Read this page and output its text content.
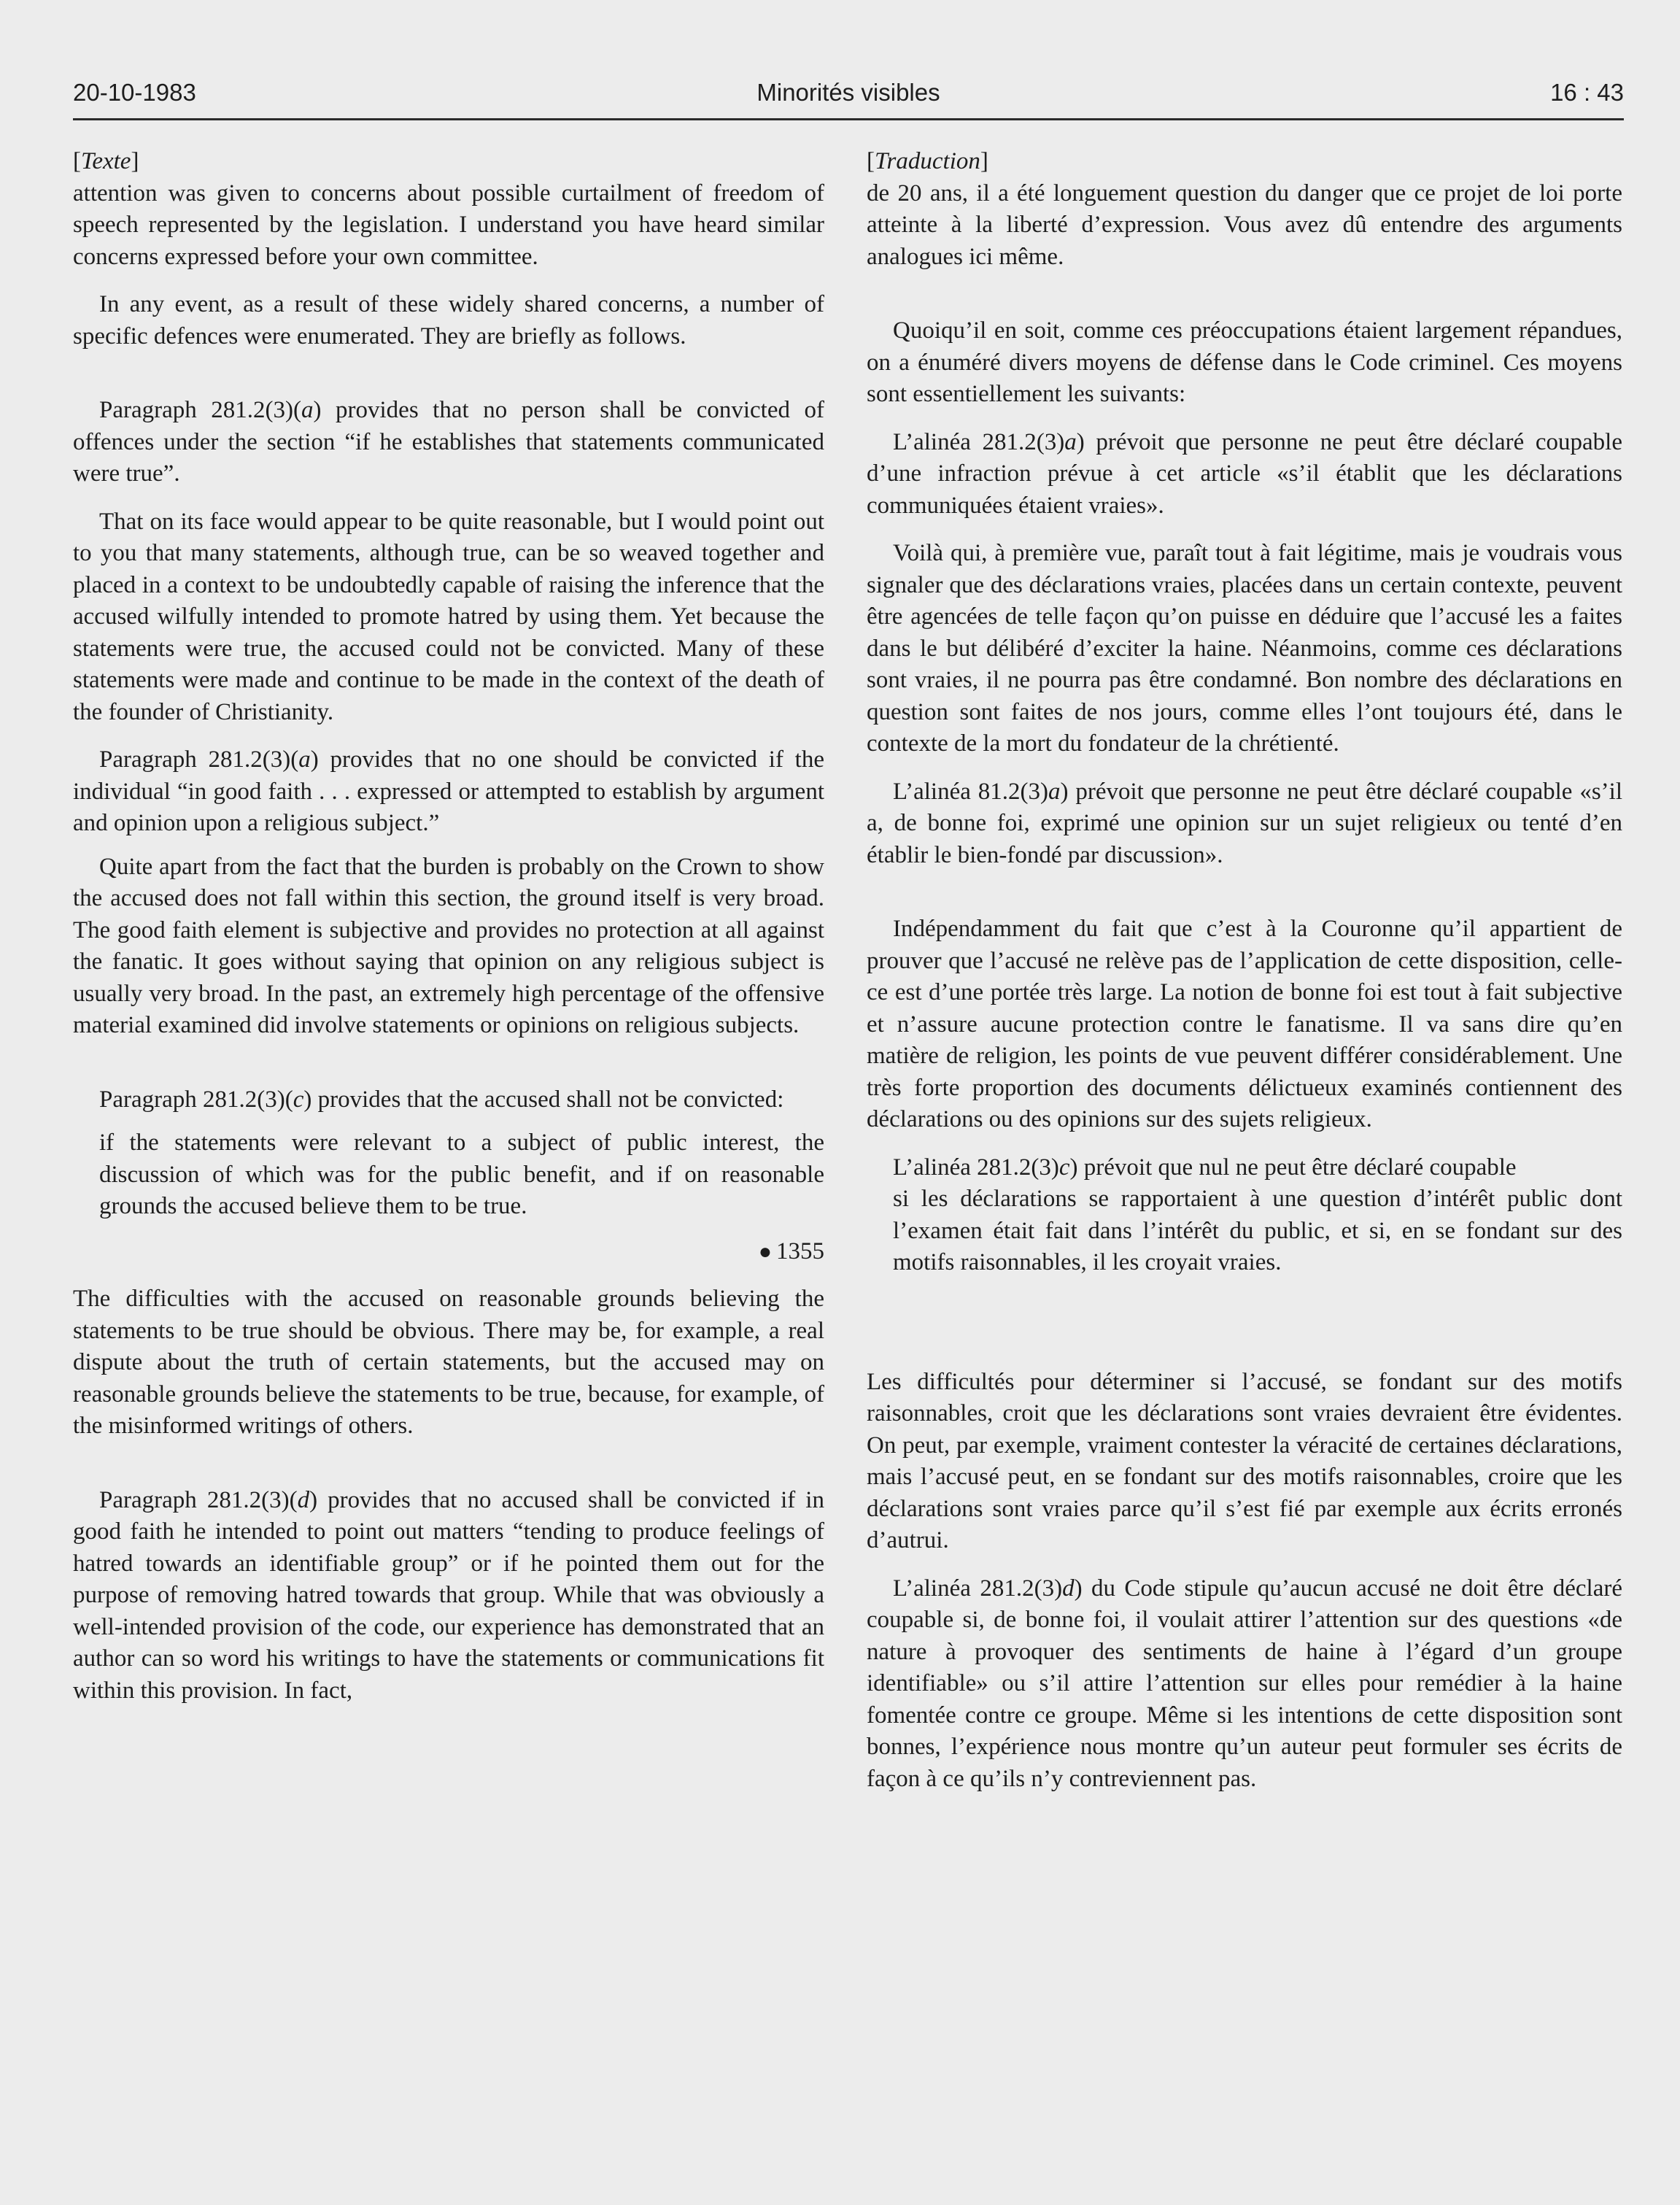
20-10-1983	Minorités visibles	16 : 43

[Texte]

attention was given to concerns about possible curtailment of freedom of speech represented by the legislation. I understand you have heard similar concerns expressed before your own committee.

In any event, as a result of these widely shared concerns, a number of specific defences were enumerated. They are briefly as follows.

Paragraph 281.2(3)(a) provides that no person shall be convicted of offences under the section “if he establishes that statements communicated were true”.

That on its face would appear to be quite reasonable, but I would point out to you that many statements, although true, can be so weaved together and placed in a context to be undoubtedly capable of raising the inference that the accused wilfully intended to promote hatred by using them. Yet because the statements were true, the accused could not be convicted. Many of these statements were made and continue to be made in the context of the death of the founder of Christianity.

Paragraph 281.2(3)(a) provides that no one should be convicted if the individual “in good faith . . . expressed or attempted to establish by argument and opinion upon a religious subject.”

Quite apart from the fact that the burden is probably on the Crown to show the accused does not fall within this section, the ground itself is very broad. The good faith element is subjective and provides no protection at all against the fanatic. It goes without saying that opinion on any religious subject is usually very broad. In the past, an extremely high percentage of the offensive material examined did involve statements or opinions on religious subjects.

Paragraph 281.2(3)(c) provides that the accused shall not be convicted:

if the statements were relevant to a subject of public interest, the discussion of which was for the public benefit, and if on reasonable grounds the accused believe them to be true.

● 1355

The difficulties with the accused on reasonable grounds believing the statements to be true should be obvious. There may be, for example, a real dispute about the truth of certain statements, but the accused may on reasonable grounds believe the statements to be true, because, for example, of the misinformed writings of others.

Paragraph 281.2(3)(d) provides that no accused shall be convicted if in good faith he intended to point out matters “tending to produce feelings of hatred towards an identifiable group” or if he pointed them out for the purpose of removing hatred towards that group. While that was obviously a well-intended provision of the code, our experience has demonstrated that an author can so word his writings to have the statements or communications fit within this provision. In fact,

[Traduction]

de 20 ans, il a été longuement question du danger que ce projet de loi porte atteinte à la liberté d’expression. Vous avez dû entendre des arguments analogues ici même.

Quoiqu’il en soit, comme ces préoccupations étaient largement répandues, on a énuméré divers moyens de défense dans le Code criminel. Ces moyens sont essentiellement les suivants:

L’alinéa 281.2(3)a) prévoit que personne ne peut être déclaré coupable d’une infraction prévue à cet article «s’il établit que les déclarations communiquées étaient vraies».

Voilà qui, à première vue, paraît tout à fait légitime, mais je voudrais vous signaler que des déclarations vraies, placées dans un certain contexte, peuvent être agencées de telle façon qu’on puisse en déduire que l’accusé les a faites dans le but délibéré d’exciter la haine. Néanmoins, comme ces déclarations sont vraies, il ne pourra pas être condamné. Bon nombre des déclarations en question sont faites de nos jours, comme elles l’ont toujours été, dans le contexte de la mort du fondateur de la chrétienté.

L’alinéa 81.2(3)a) prévoit que personne ne peut être déclaré coupable «s’il a, de bonne foi, exprimé une opinion sur un sujet religieux ou tenté d’en établir le bien-fondé par discussion».

Indépendamment du fait que c’est à la Couronne qu’il appartient de prouver que l’accusé ne relève pas de l’application de cette disposition, celle-ce est d’une portée très large. La notion de bonne foi est tout à fait subjective et n’assure aucune protection contre le fanatisme. Il va sans dire qu’en matière de religion, les points de vue peuvent différer considérablement. Une très forte proportion des documents délictueux examinés contiennent des déclarations ou des opinions sur des sujets religieux.

L’alinéa 281.2(3)c) prévoit que nul ne peut être déclaré coupable

si les déclarations se rapportaient à une question d’intérêt public dont l’examen était fait dans l’intérêt du public, et si, en se fondant sur des motifs raisonnables, il les croyait vraies.

Les difficultés pour déterminer si l’accusé, se fondant sur des motifs raisonnables, croit que les déclarations sont vraies devraient être évidentes. On peut, par exemple, vraiment contester la véracité de certaines déclarations, mais l’accusé peut, en se fondant sur des motifs raisonnables, croire que les déclarations sont vraies parce qu’il s’est fié par exemple aux écrits erronés d’autrui.

L’alinéa 281.2(3)d) du Code stipule qu’aucun accusé ne doit être déclaré coupable si, de bonne foi, il voulait attirer l’attention sur des questions «de nature à provoquer des sentiments de haine à l’égard d’un groupe identifiable» ou s’il attire l’attention sur elles pour remédier à la haine fomentée contre ce groupe. Même si les intentions de cette disposition sont bonnes, l’expérience nous montre qu’un auteur peut formuler ses écrits de façon à ce qu’ils n’y contreviennent pas.
